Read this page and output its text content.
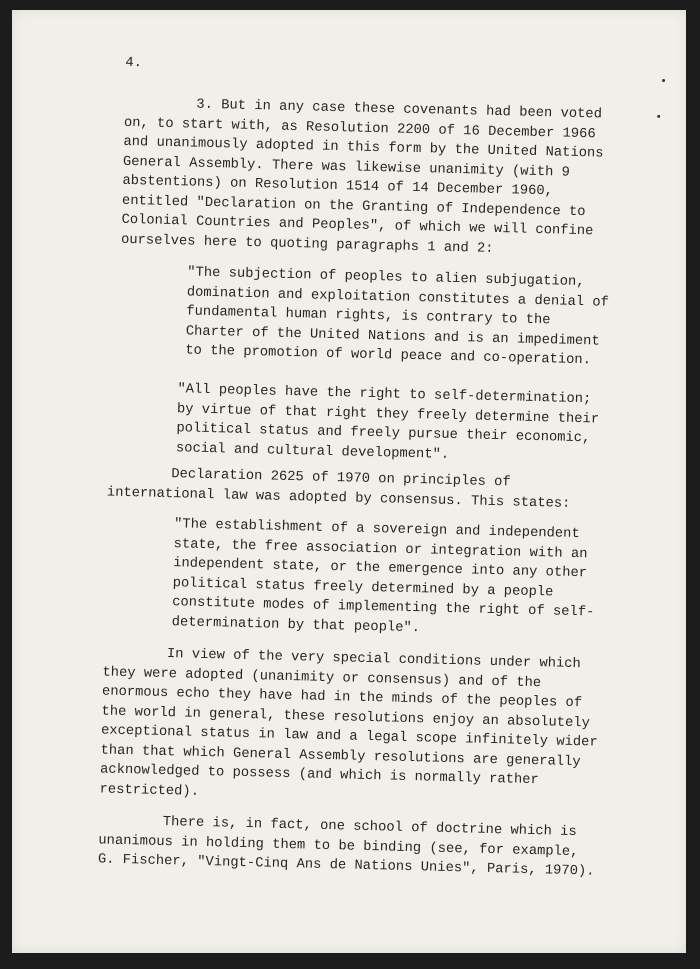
4.

3. But in any case these covenants had been voted on, to start with, as Resolution 2200 of 16 December 1966 and unanimously adopted in this form by the United Nations General Assembly. There was likewise unanimity (with 9 abstentions) on Resolution 1514 of 14 December 1960, entitled "Declaration on the Granting of Independence to Colonial Countries and Peoples", of which we will confine ourselves here to quoting paragraphs 1 and 2:

"The subjection of peoples to alien subjugation, domination and exploitation constitutes a denial of fundamental human rights, is contrary to the Charter of the United Nations and is an impediment to the promotion of world peace and co-operation.

"All peoples have the right to self-determination; by virtue of that right they freely determine their political status and freely pursue their economic, social and cultural development".

Declaration 2625 of 1970 on principles of international law was adopted by consensus. This states:

"The establishment of a sovereign and independent state, the free association or integration with an independent state, or the emergence into any other political status freely determined by a people constitute modes of implementing the right of self-determination by that people".

In view of the very special conditions under which they were adopted (unanimity or consensus) and of the enormous echo they have had in the minds of the peoples of the world in general, these resolutions enjoy an absolutely exceptional status in law and a legal scope infinitely wider than that which General Assembly resolutions are generally acknowledged to possess (and which is normally rather restricted).

There is, in fact, one school of doctrine which is unanimous in holding them to be binding (see, for example, G. Fischer, "Vingt-Cinq Ans de Nations Unies", Paris, 1970).
